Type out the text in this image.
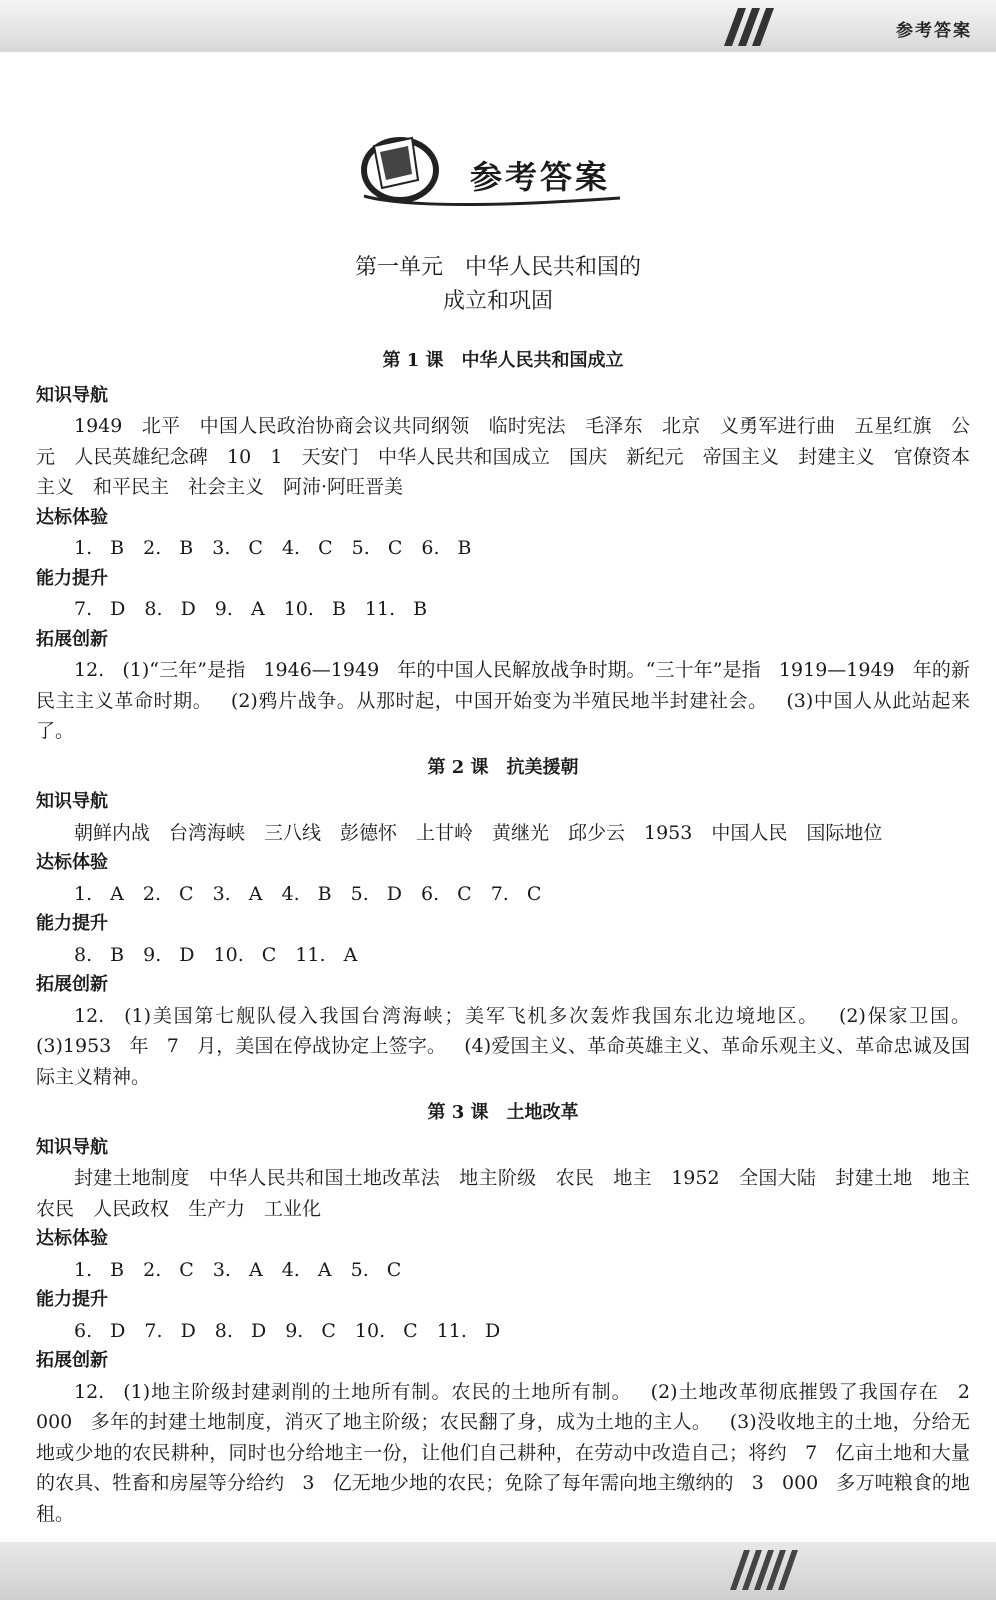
参考答案
参考答案
第一单元　中华人民共和国的
成立和巩固
第 1 课　中华人民共和国成立
知识导航
1949　北平　中国人民政治协商会议共同纲领　临时宪法　毛泽东　北京　义勇军进行曲　五星红旗　公元　人民英雄纪念碑　10　1　天安门　中华人民共和国成立　国庆　新纪元　帝国主义　封建主义　官僚资本主义　和平民主　社会主义　阿沛·阿旺晋美
达标体验
1. B　2. B　3. C　4. C　5. C　6. B
能力提升
7. D　8. D　9. A　10. B　11. B
拓展创新
12. (1)“三年”是指 1946—1949 年的中国人民解放战争时期。“三十年”是指 1919—1949 年的新民主主义革命时期。 (2)鸦片战争。从那时起，中国开始变为半殖民地半封建社会。 (3)中国人从此站起来了。
第 2 课　抗美援朝
知识导航
朝鲜内战　台湾海峡　三八线　彭德怀　上甘岭　黄继光　邱少云　1953　中国人民　国际地位
达标体验
1. A　2. C　3. A　4. B　5. D　6. C　7. C
能力提升
8. B　9. D　10. C　11. A
拓展创新
12. (1)美国第七舰队侵入我国台湾海峡；美军飞机多次轰炸我国东北边境地区。 (2)保家卫国。 (3)1953 年 7 月，美国在停战协定上签字。 (4)爱国主义、革命英雄主义、革命乐观主义、革命忠诚及国际主义精神。
第 3 课　土地改革
知识导航
封建土地制度　中华人民共和国土地改革法　地主阶级　农民　地主　1952　全国大陆　封建土地　地主　农民　人民政权　生产力　工业化
达标体验
1. B　2. C　3. A　4. A　5. C
能力提升
6. D　7. D　8. D　9. C　10. C　11. D
拓展创新
12. (1)地主阶级封建剥削的土地所有制。农民的土地所有制。 (2)土地改革彻底摧毁了我国存在 2 000 多年的封建土地制度，消灭了地主阶级；农民翻了身，成为土地的主人。 (3)没收地主的土地，分给无地或少地的农民耕种，同时也分给地主一份，让他们自己耕种，在劳动中改造自己；将约 7 亿亩土地和大量的农具、牲畜和房屋等分给约 3 亿无地少地的农民；免除了每年需向地主缴纳的 3 000 多万吨粮食的地租。
